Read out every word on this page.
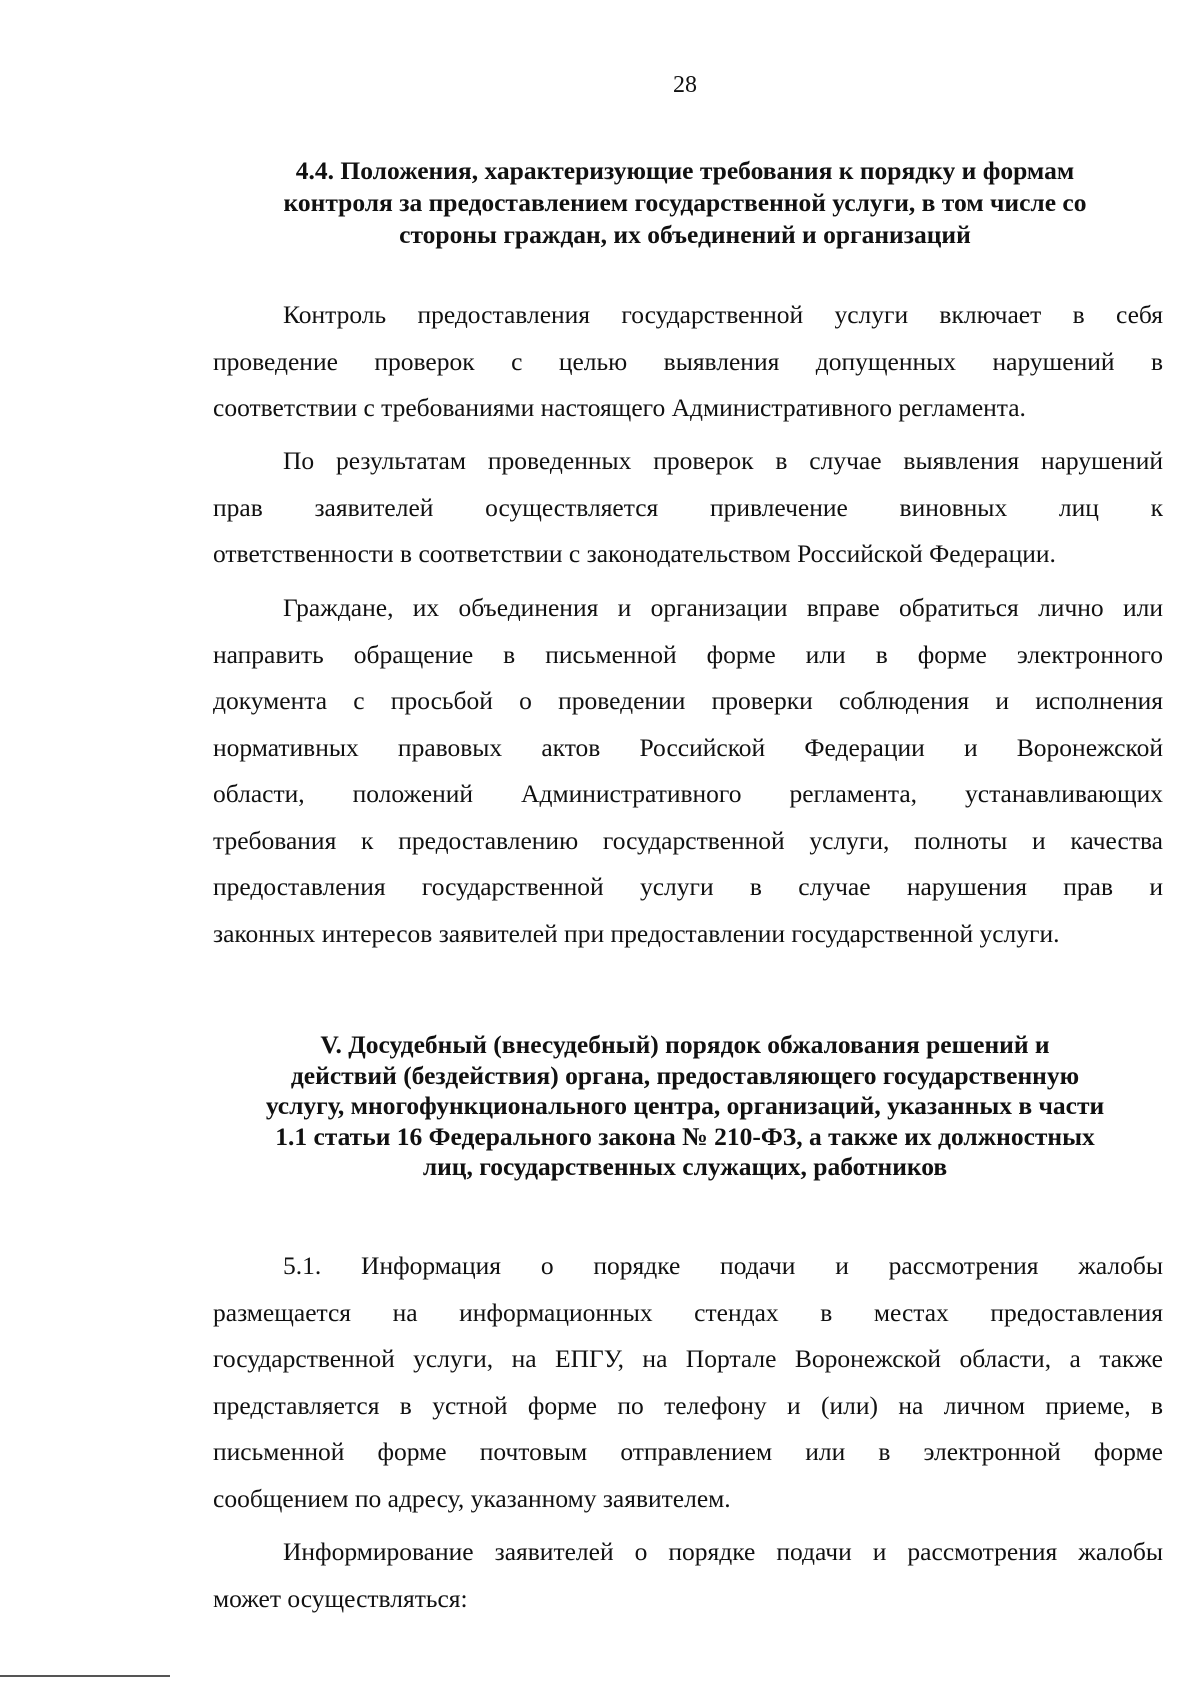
28
4.4. Положения, характеризующие требования к порядку и формам
контроля за предоставлением государственной услуги, в том числе со
стороны граждан, их объединений и организаций
Контроль предоставления государственной услуги включает в себя
проведение проверок с целью выявления допущенных нарушений в
соответствии с требованиями настоящего Административного регламента.
По результатам проведенных проверок в случае выявления нарушений
прав заявителей осуществляется привлечение виновных лиц к
ответственности в соответствии с законодательством Российской Федерации.
Граждане, их объединения и организации вправе обратиться лично или
направить обращение в письменной форме или в форме электронного
документа с просьбой о проведении проверки соблюдения и исполнения
нормативных правовых актов Российской Федерации и Воронежской
области, положений Административного регламента, устанавливающих
требования к предоставлению государственной услуги, полноты и качества
предоставления государственной услуги в случае нарушения прав и
законных интересов заявителей при предоставлении государственной услуги.
V. Досудебный (внесудебный) порядок обжалования решений и
действий (бездействия) органа, предоставляющего государственную
услугу, многофункционального центра, организаций, указанных в части
1.1 статьи 16 Федерального закона № 210-ФЗ, а также их должностных
лиц, государственных служащих, работников
5.1. Информация о порядке подачи и рассмотрения жалобы
размещается на информационных стендах в местах предоставления
государственной услуги, на ЕПГУ, на Портале Воронежской области, а также
представляется в устной форме по телефону и (или) на личном приеме, в
письменной форме почтовым отправлением или в электронной форме
сообщением по адресу, указанному заявителем.
Информирование заявителей о порядке подачи и рассмотрения жалобы
может осуществляться:
